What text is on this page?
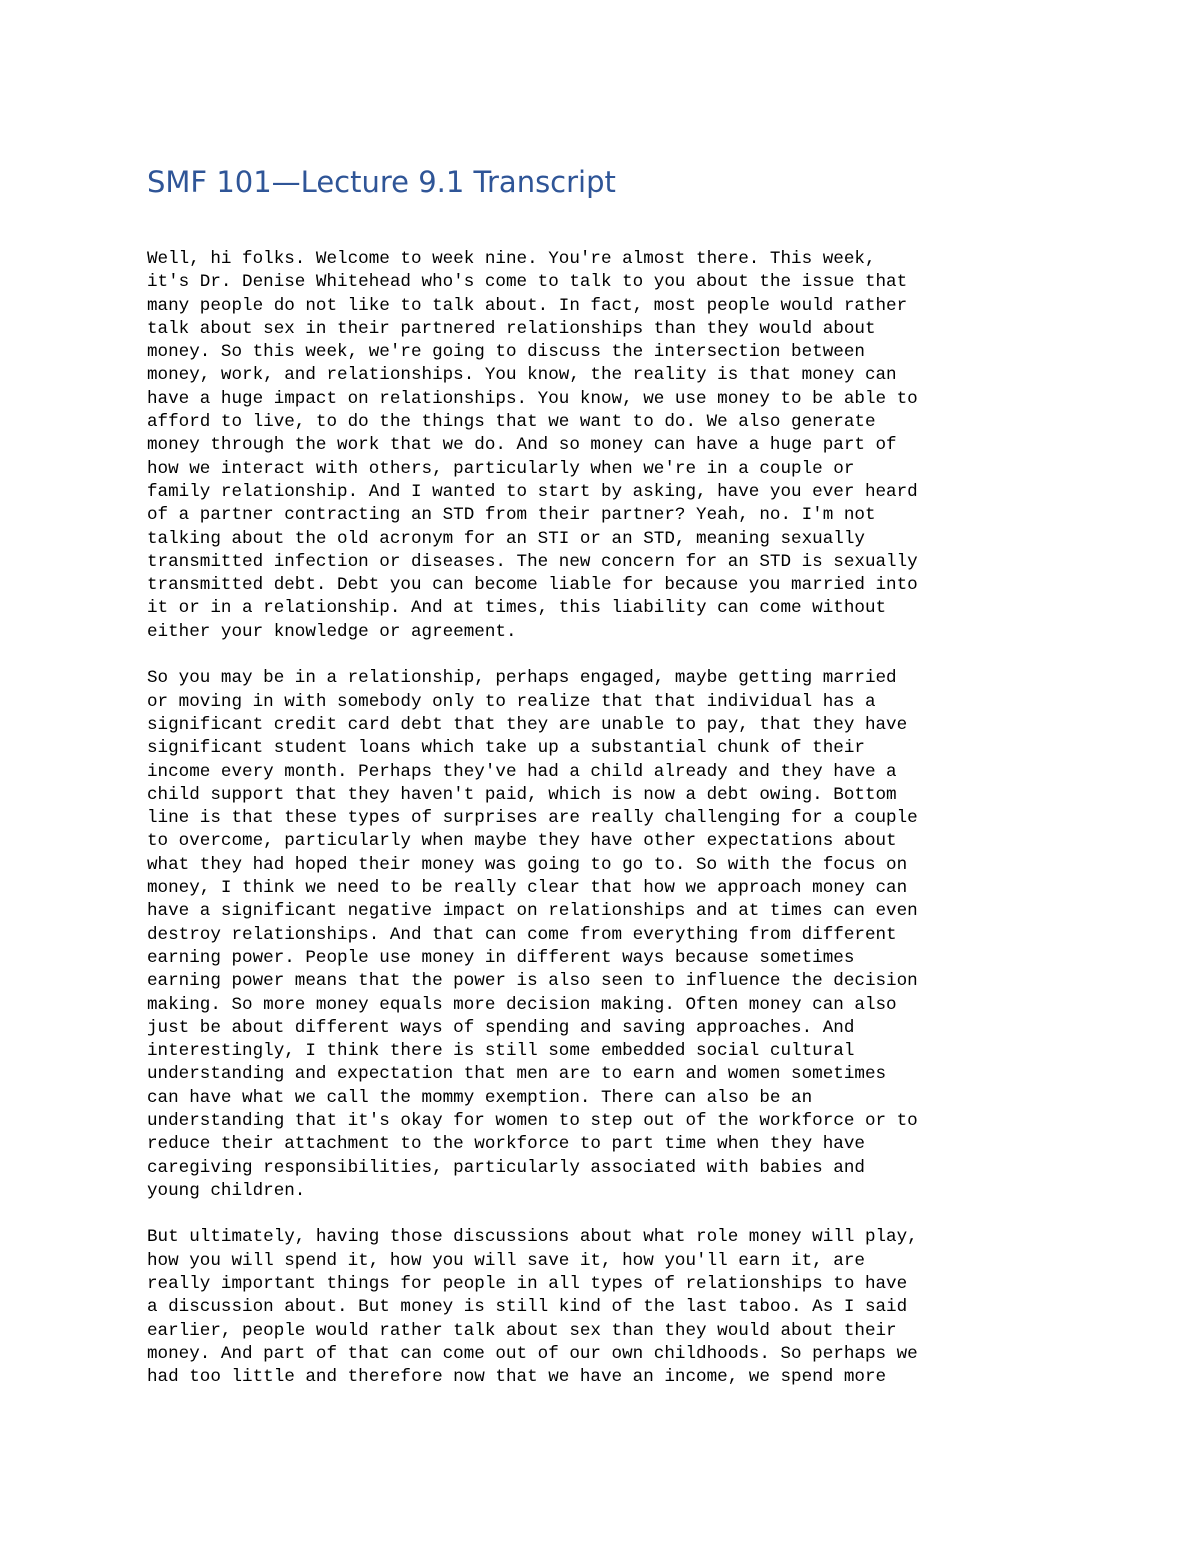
SMF 101—Lecture 9.1 Transcript
Well, hi folks. Welcome to week nine. You're almost there. This week,
it's Dr. Denise Whitehead who's come to talk to you about the issue that
many people do not like to talk about. In fact, most people would rather
talk about sex in their partnered relationships than they would about
money. So this week, we're going to discuss the intersection between
money, work, and relationships. You know, the reality is that money can
have a huge impact on relationships. You know, we use money to be able to
afford to live, to do the things that we want to do. We also generate
money through the work that we do. And so money can have a huge part of
how we interact with others, particularly when we're in a couple or
family relationship. And I wanted to start by asking, have you ever heard
of a partner contracting an STD from their partner? Yeah, no. I'm not
talking about the old acronym for an STI or an STD, meaning sexually
transmitted infection or diseases. The new concern for an STD is sexually
transmitted debt. Debt you can become liable for because you married into
it or in a relationship. And at times, this liability can come without
either your knowledge or agreement.
So you may be in a relationship, perhaps engaged, maybe getting married
or moving in with somebody only to realize that that individual has a
significant credit card debt that they are unable to pay, that they have
significant student loans which take up a substantial chunk of their
income every month. Perhaps they've had a child already and they have a
child support that they haven't paid, which is now a debt owing. Bottom
line is that these types of surprises are really challenging for a couple
to overcome, particularly when maybe they have other expectations about
what they had hoped their money was going to go to. So with the focus on
money, I think we need to be really clear that how we approach money can
have a significant negative impact on relationships and at times can even
destroy relationships. And that can come from everything from different
earning power. People use money in different ways because sometimes
earning power means that the power is also seen to influence the decision
making. So more money equals more decision making. Often money can also
just be about different ways of spending and saving approaches. And
interestingly, I think there is still some embedded social cultural
understanding and expectation that men are to earn and women sometimes
can have what we call the mommy exemption. There can also be an
understanding that it's okay for women to step out of the workforce or to
reduce their attachment to the workforce to part time when they have
caregiving responsibilities, particularly associated with babies and
young children.
But ultimately, having those discussions about what role money will play,
how you will spend it, how you will save it, how you'll earn it, are
really important things for people in all types of relationships to have
a discussion about. But money is still kind of the last taboo. As I said
earlier, people would rather talk about sex than they would about their
money. And part of that can come out of our own childhoods. So perhaps we
had too little and therefore now that we have an income, we spend more
